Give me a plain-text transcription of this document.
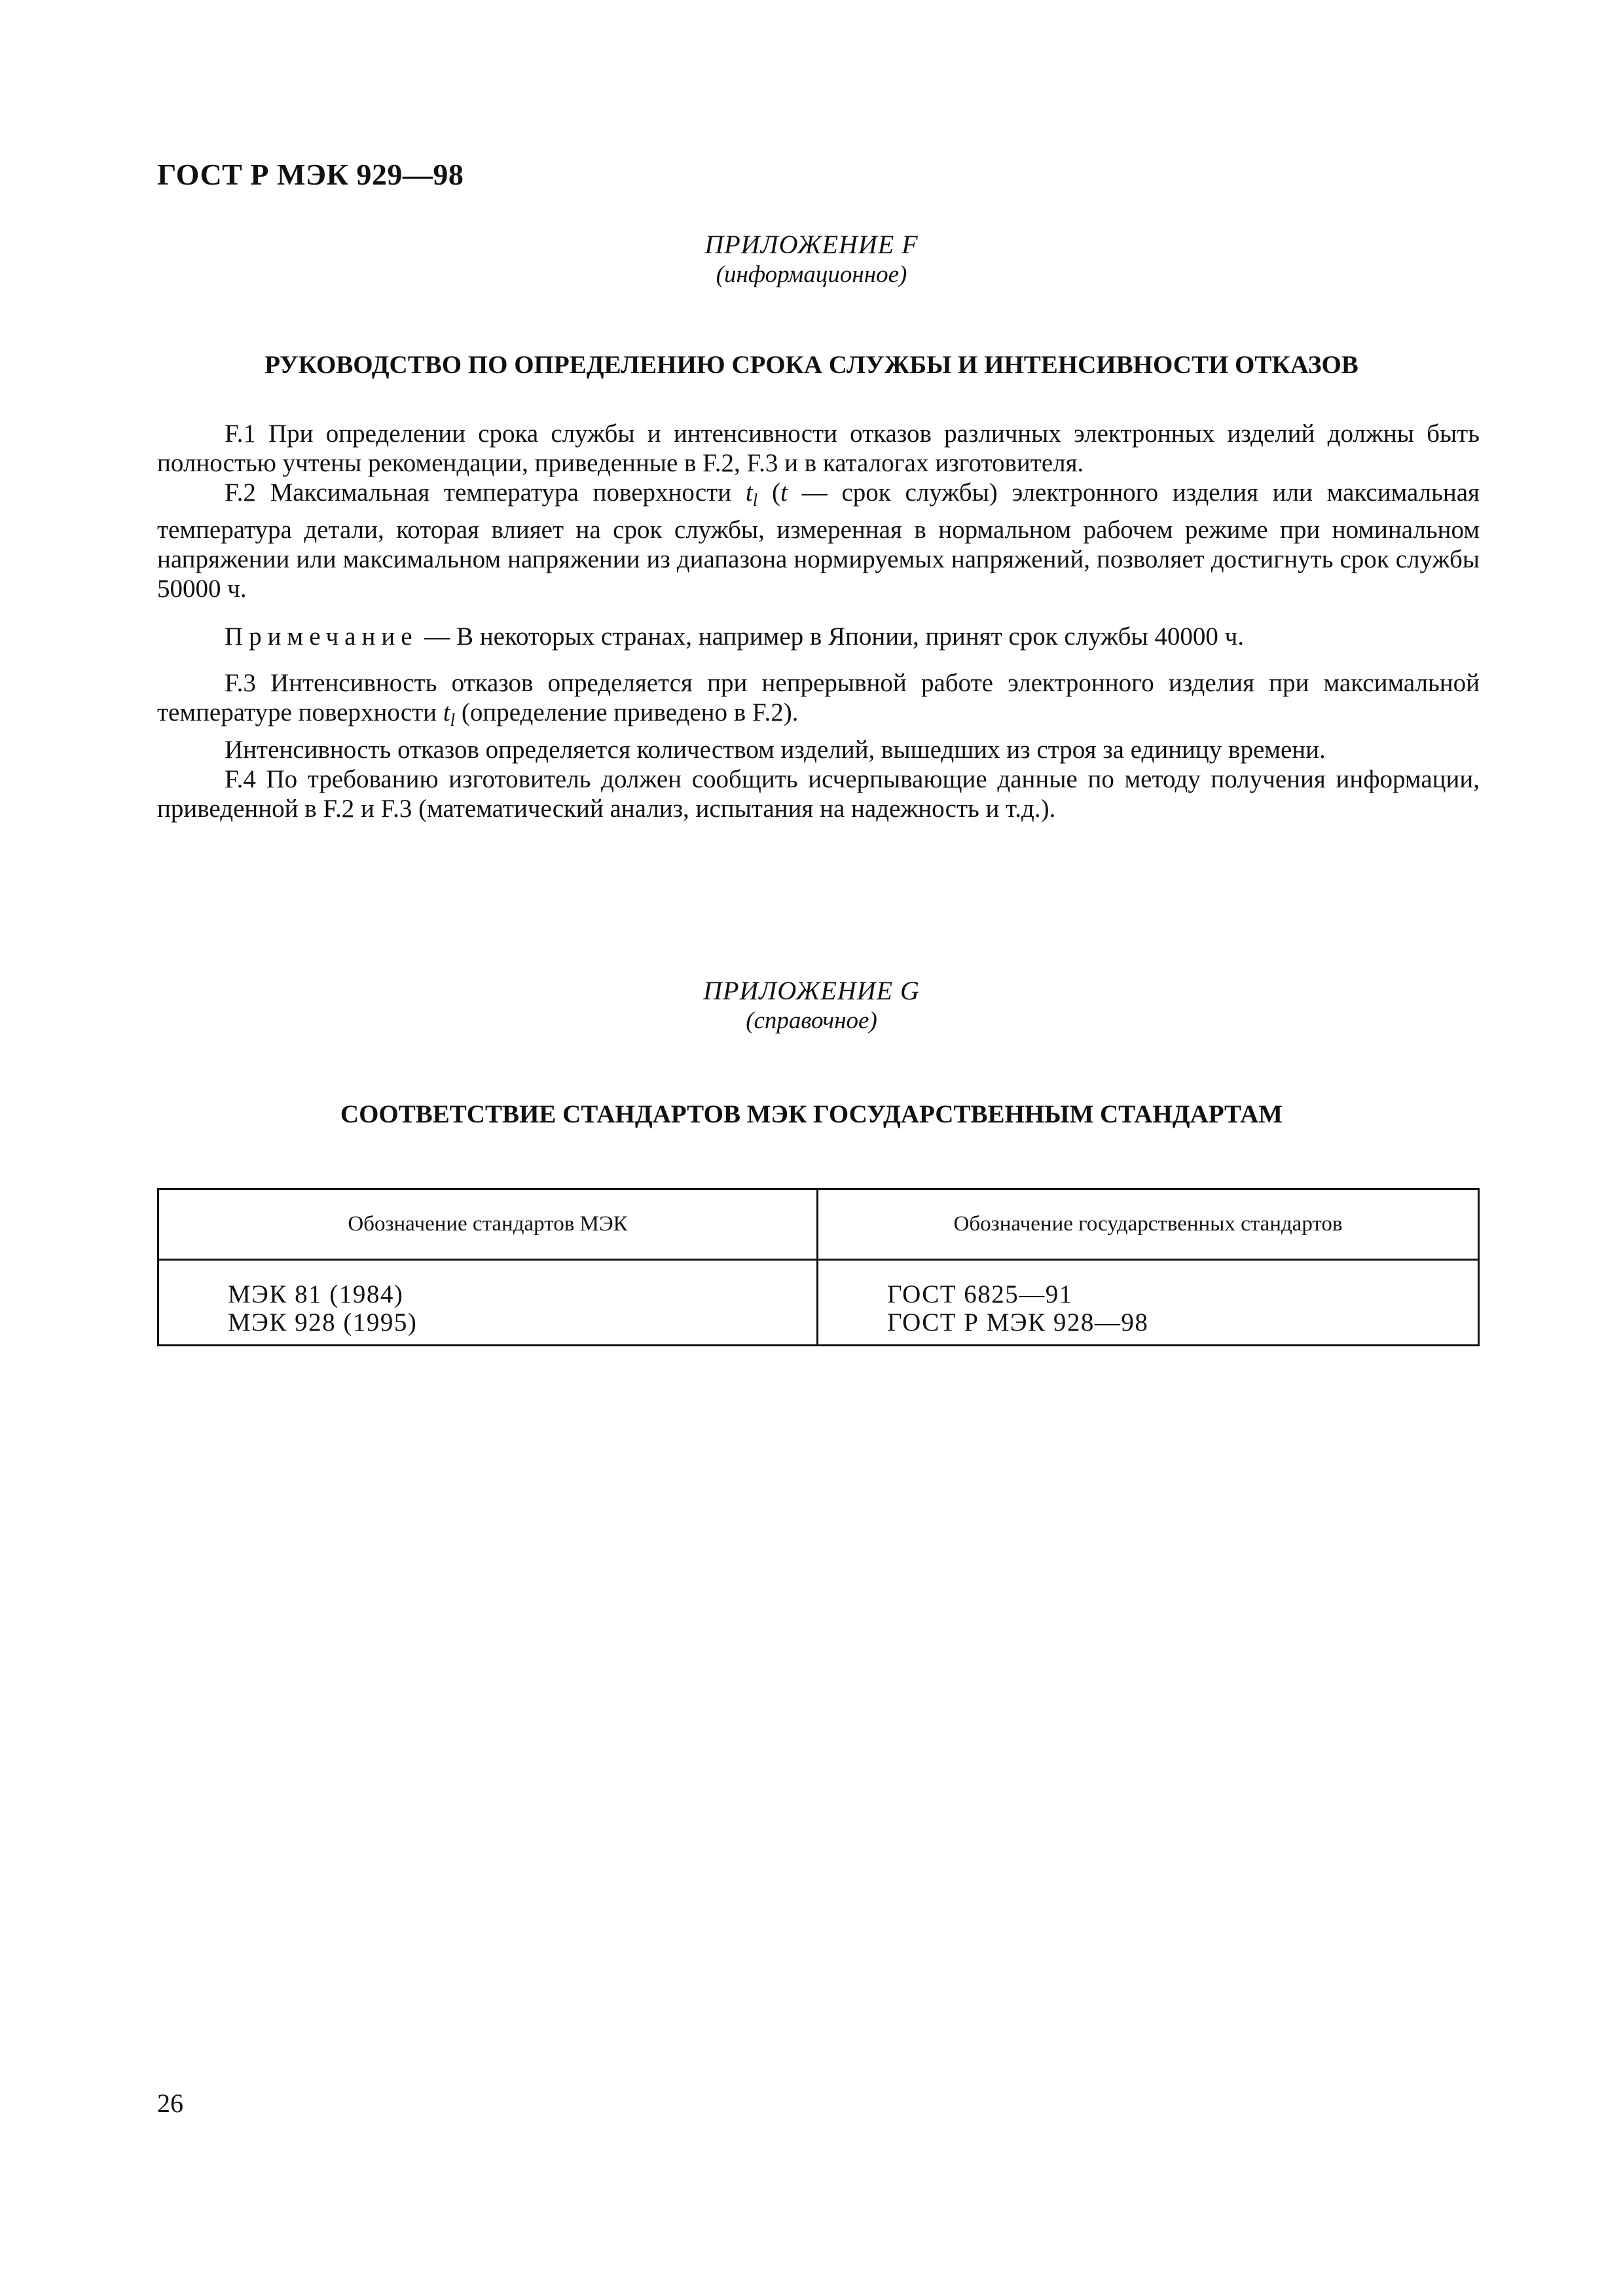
ГОСТ Р МЭК 929—98
ПРИЛОЖЕНИЕ F
(информационное)
РУКОВОДСТВО ПО ОПРЕДЕЛЕНИЮ СРОКА СЛУЖБЫ И ИНТЕНСИВНОСТИ ОТКАЗОВ

F.1 При определении срока службы и интенсивности отказов различных электронных изделий должны быть полностью учтены рекомендации, приведенные в F.2, F.3 и в каталогах изготовителя.

F.2 Максимальная температура поверхности $t_l$ (t — срок службы) электронного изделия или максимальная температура детали, которая влияет на срок службы, измеренная в нормальном рабочем режиме при номинальном напряжении или максимальном напряжении из диапазона нормируемых напряжений, позволяет достигнуть срок службы 50000 ч.

Примечание — В некоторых странах, например в Японии, принят срок службы 40000 ч.

F.3 Интенсивность отказов определяется при непрерывной работе электронного изделия при максимальной температуре поверхности $t_l$ (определение приведено в F.2).

Интенсивность отказов определяется количеством изделий, вышедших из строя за единицу времени.

F.4 По требованию изготовитель должен сообщить исчерпывающие данные по методу получения информации, приведенной в F.2 и F.3 (математический анализ, испытания на надежность и т.д.).

ПРИЛОЖЕНИЕ G
(справочное)
СООТВЕТСТВИЕ СТАНДАРТОВ МЭК ГОСУДАРСТВЕННЫМ СТАНДАРТАМ
Обозначение стандартов МЭК	Обозначение государственных стандартов
МЭК 81 (1984)
МЭК 928 (1995)
ГОСТ 6825—91
ГОСТ Р МЭК 928—98
26
